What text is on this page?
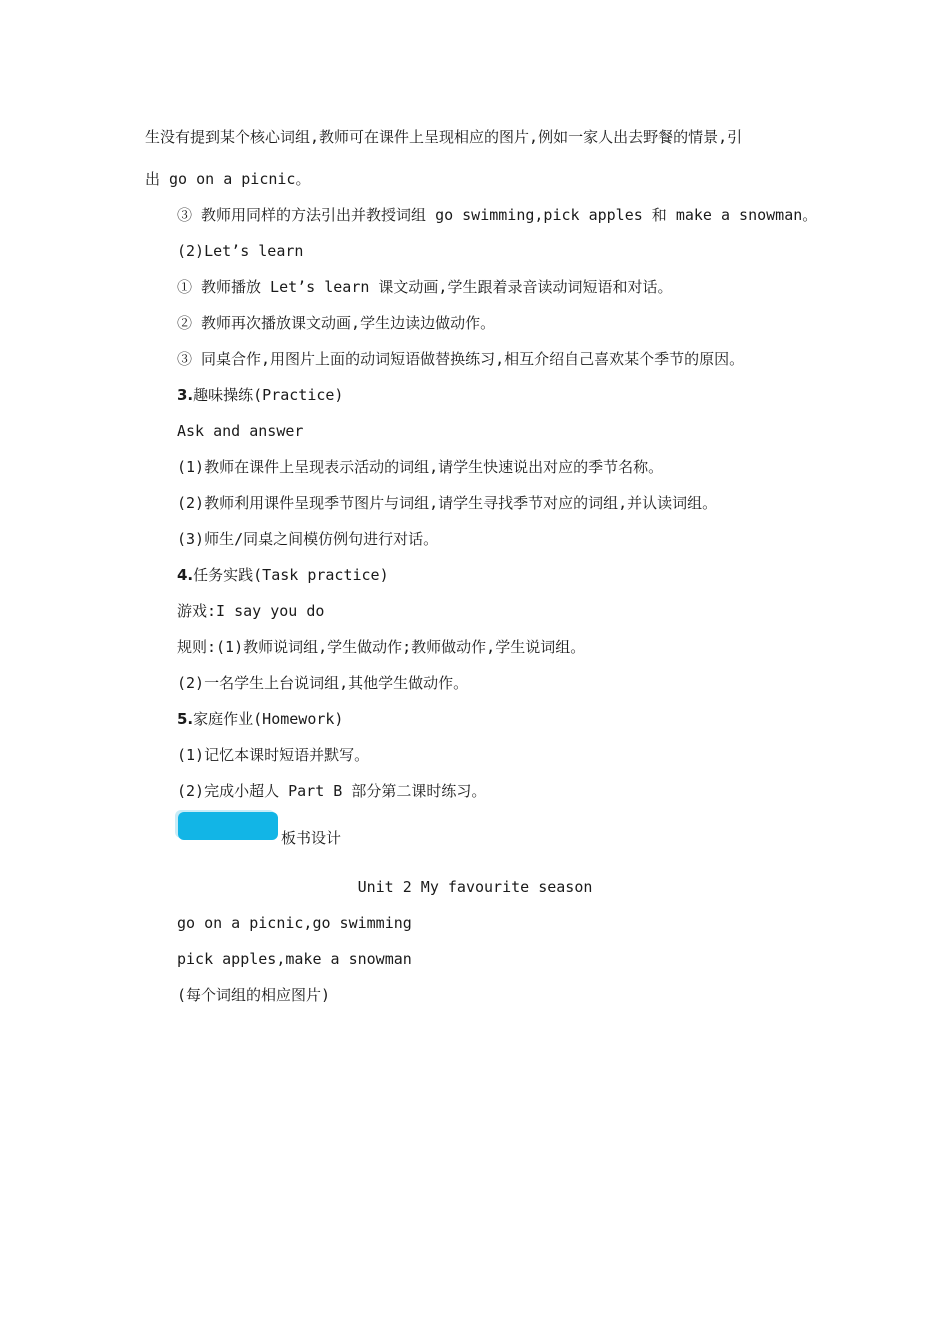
生没有提到某个核心词组,教师可在课件上呈现相应的图片,例如一家人出去野餐的情景,引
出 go on a picnic。
③ 教师用同样的方法引出并教授词组 go swimming,pick apples 和 make a snowman。
(2)Let’s learn
① 教师播放 Let’s learn 课文动画,学生跟着录音读动词短语和对话。
② 教师再次播放课文动画,学生边读边做动作。
③ 同桌合作,用图片上面的动词短语做替换练习,相互介绍自己喜欢某个季节的原因。
3.趣味操练(Practice)
Ask and answer
(1)教师在课件上呈现表示活动的词组,请学生快速说出对应的季节名称。
(2)教师利用课件呈现季节图片与词组,请学生寻找季节对应的词组,并认读词组。
(3)师生/同桌之间模仿例句进行对话。
4.任务实践(Task practice)
游戏:I say you do
规则:(1)教师说词组,学生做动作;教师做动作,学生说词组。
(2)一名学生上台说词组,其他学生做动作。
5.家庭作业(Homework)
(1)记忆本课时短语并默写。
(2)完成小超人 Part B 部分第二课时练习。
板书设计
Unit 2 My favourite season
go on a picnic,go swimming
pick apples,make a snowman
(每个词组的相应图片)
